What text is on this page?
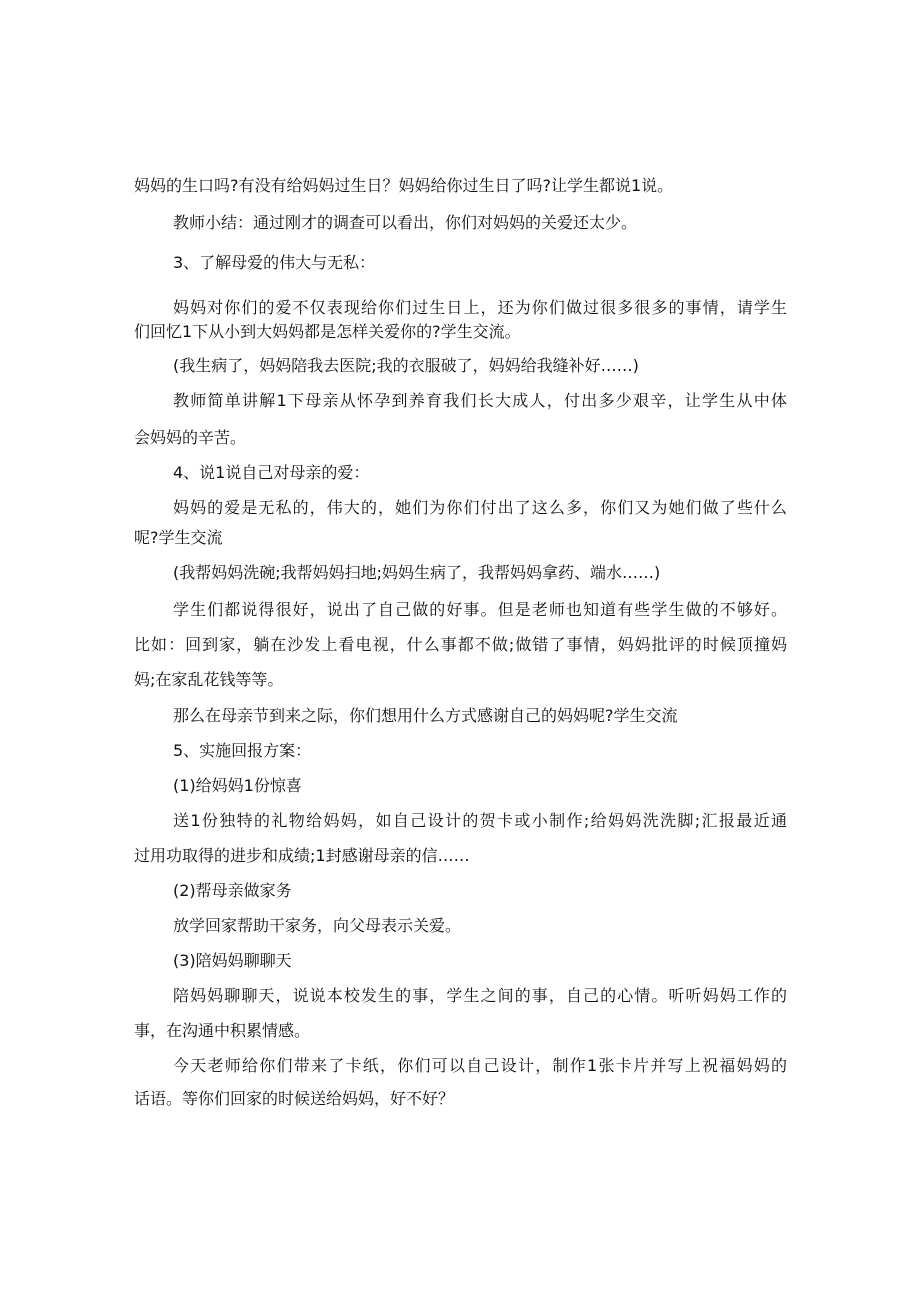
妈妈的生口吗?有没有给妈妈过生日？妈妈给你过生日了吗?让学生都说1说。
教师小结：通过刚才的调查可以看出，你们对妈妈的关爱还太少。
3、了解母爱的伟大与无私：
妈妈对你们的爱不仅表现给你们过生日上，还为你们做过很多很多的事情，请学生
们回忆1下从小到大妈妈都是怎样关爱你的?学生交流。
(我生病了，妈妈陪我去医院;我的衣服破了，妈妈给我缝补好……)
教师简单讲解1下母亲从怀孕到养育我们长大成人，付出多少艰辛，让学生从中体
会妈妈的辛苦。
4、说1说自己对母亲的爱：
妈妈的爱是无私的，伟大的，她们为你们付出了这么多，你们又为她们做了些什么
呢?学生交流
(我帮妈妈洗碗;我帮妈妈扫地;妈妈生病了，我帮妈妈拿药、端水……)
学生们都说得很好，说出了自己做的好事。但是老师也知道有些学生做的不够好。
比如：回到家，躺在沙发上看电视，什么事都不做;做错了事情，妈妈批评的时候顶撞妈
妈;在家乱花钱等等。
那么在母亲节到来之际，你们想用什么方式感谢自己的妈妈呢?学生交流
5、实施回报方案：
(1)给妈妈1份惊喜
送1份独特的礼物给妈妈，如自己设计的贺卡或小制作;给妈妈洗洗脚;汇报最近通
过用功取得的进步和成绩;1封感谢母亲的信……
(2)帮母亲做家务
放学回家帮助干家务，向父母表示关爱。
(3)陪妈妈聊聊天
陪妈妈聊聊天，说说本校发生的事，学生之间的事，自己的心情。听听妈妈工作的
事，在沟通中积累情感。
今天老师给你们带来了卡纸，你们可以自己设计，制作1张卡片并写上祝福妈妈的
话语。等你们回家的时候送给妈妈，好不好？
